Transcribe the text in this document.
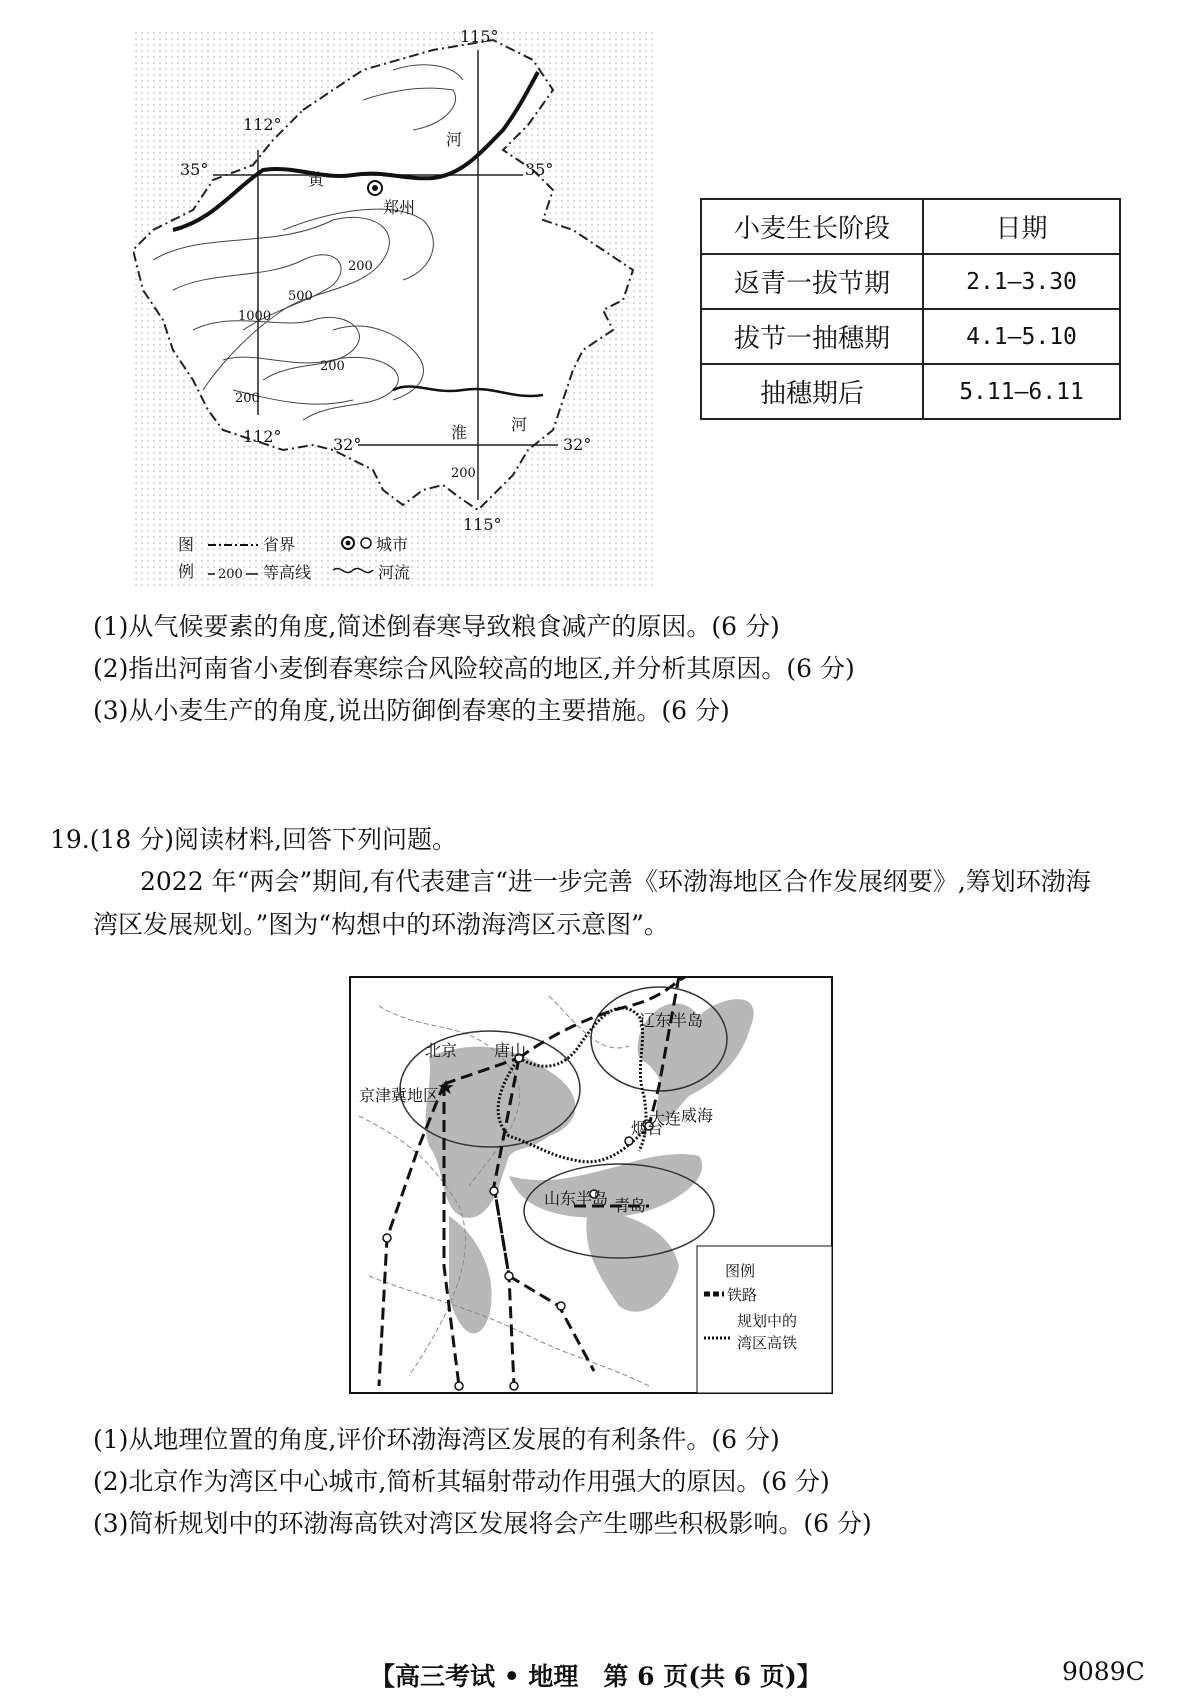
115°
112°
112°
115°
35°	35°
32°	32°
黄
河
淮	河
郑州
200
1000
500
200
200
200
图
例
省界	城市
200 等高线	河流
小麦生长阶段	日期
返青一拔节期	2.1—3.30
拔节一抽穗期	4.1—5.10
抽穗期后	5.11—6.11
(1)从气候要素的角度,简述倒春寒导致粮食减产的原因。(6 分)
(2)指出河南省小麦倒春寒综合风险较高的地区,并分析其原因。(6 分)
(3)从小麦生产的角度,说出防御倒春寒的主要措施。(6 分)
19.(18 分)阅读材料,回答下列问题。
2022 年“两会”期间,有代表建言“进一步完善《环渤海地区合作发展纲要》,筹划环渤海
湾区发展规划。”图为“构想中的环渤海湾区示意图”。
★
北京 唐山
京津冀地区
辽东半岛
大连
烟台
威海
山东半岛 青岛
图例
铁路
规划中的
湾区高铁
(1)从地理位置的角度,评价环渤海湾区发展的有利条件。(6 分)
(2)北京作为湾区中心城市,简析其辐射带动作用强大的原因。(6 分)
(3)简析规划中的环渤海高铁对湾区发展将会产生哪些积极影响。(6 分)
【高三考试 • 地理　第 6 页(共 6 页)】	9089C
